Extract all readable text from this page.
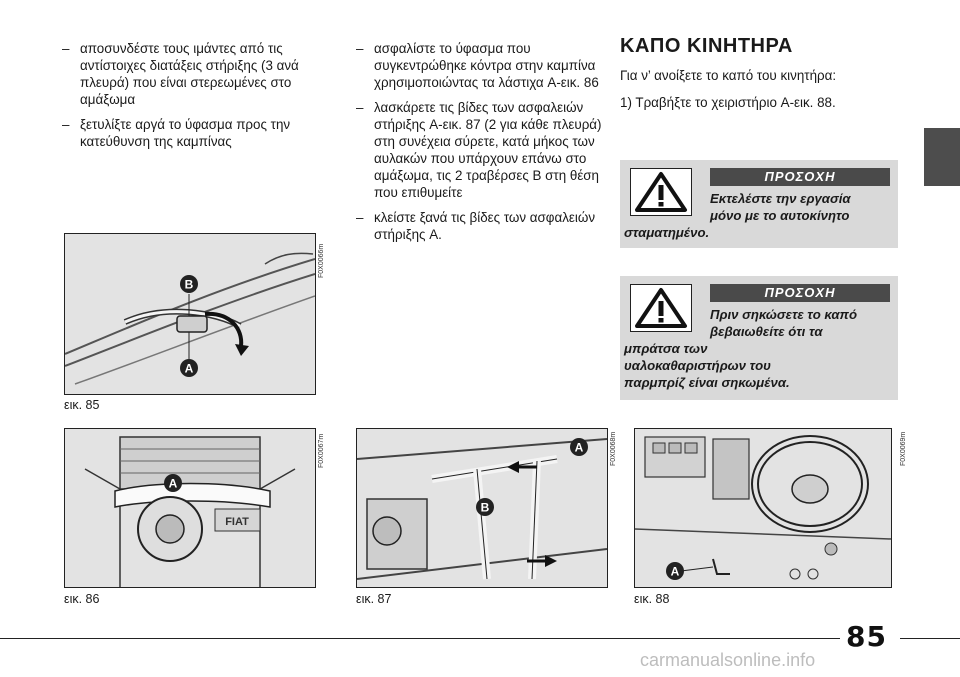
– αποσυνδέστε τους ιμάντες από τις αντίστοιχες διατάξεις στήριξης (3 ανά πλευρά) που είναι στερεωμένες στο αμάξωμα
– ξετυλίξτε αργά το ύφασμα προς την κατεύθυνση της καμπίνας
– ασφαλίστε το ύφασμα που συγκεντρώθηκε κόντρα στην καμπίνα χρησιμοποιώντας τα λάστιχα A-εικ. 86
– λασκάρετε τις βίδες των ασφαλειών στήριξης A-εικ. 87 (2 για κάθε πλευρά) στη συνέχεια σύρετε, κατά μήκος των αυλακών που υπάρχουν επάνω στο αμάξωμα, τις 2 τραβέρσες B στη θέση που επιθυμείτε
– κλείστε ξανά τις βίδες των ασφαλειών στήριξης A.
ΚΑΠΟ ΚΙΝΗΤΗΡΑ
Για ν’ ανοίξετε το καπό του κινητήρα:
1) Τραβήξτε το χειριστήριο A-εικ. 88.
ΠΡΟΣΟΧΗ
Εκτελέστε την εργασία
μόνο με το αυτοκίνητο
σταματημένο.
ΠΡΟΣΟΧΗ
Πριν σηκώσετε το καπό
βεβαιωθείτε ότι τα
μπράτσα των
υαλοκαθαριστήρων του
παρμπρίζ είναι σηκωμένα.
B
A
F0X0066m
εικ. 85
FIAT
A
F0X0067m
εικ. 86
A
B
F0X0068m
εικ. 87
A
F0X0069m
εικ. 88
85
carmanualsonline.info
